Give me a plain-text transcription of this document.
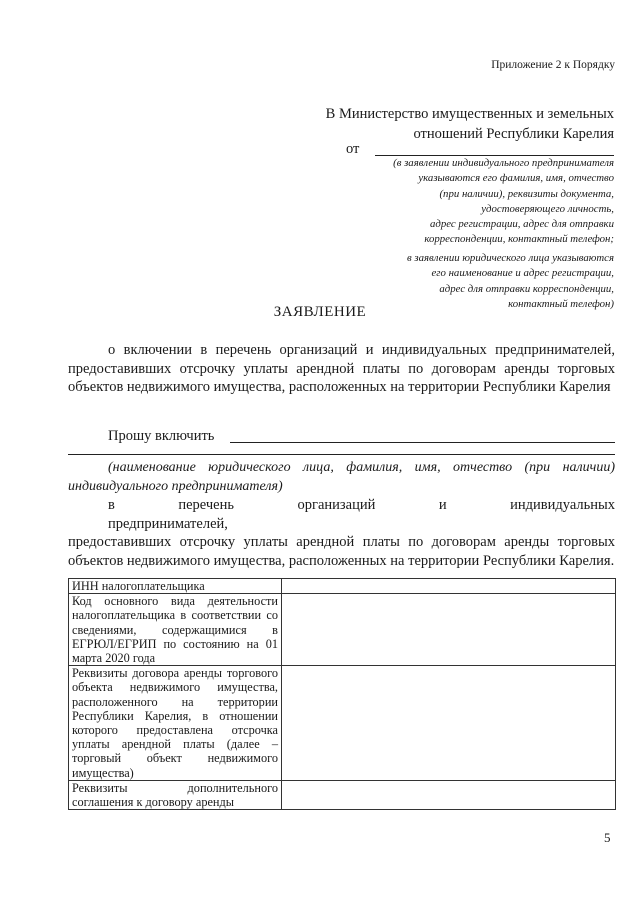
Приложение 2 к Порядку
В Министерство имущественных и земельных
отношений Республики Карелия
от
(в заявлении индивидуального предпринимателя
указываются его фамилия, имя, отчество
(при наличии), реквизиты документа,
удостоверяющего личность,
адрес регистрации, адрес для отправки
корреспонденции, контактный телефон;
в заявлении юридического лица указываются
его наименование и адрес регистрации,
адрес для отправки корреспонденции,
контактный телефон)
ЗАЯВЛЕНИЕ
о включении в перечень организаций и индивидуальных предпринимателей, предоставивших отсрочку уплаты арендной платы по договорам аренды торговых объектов недвижимого имущества, расположенных на территории Республики Карелия
Прошу включить
(наименование юридического лица, фамилия, имя, отчество (при наличии) индивидуального предпринимателя)
в перечень организаций и индивидуальных предпринимателей,
предоставивших отсрочку уплаты арендной платы по договорам аренды торговых объектов недвижимого имущества, расположенных на территории Республики Карелия.
ИНН налогоплательщика	
Код основного вида деятельности налогоплательщика в соответствии со сведениями, содержащимися в ЕГРЮЛ/ЕГРИП по состоянию на 01 марта 2020 года	
Реквизиты договора аренды торгового объекта недвижимого имущества, расположенного на территории Республики Карелия, в отношении которого предоставлена отсрочка уплаты арендной платы (далее – торговый объект недвижимого имущества)	
Реквизиты дополнительного соглашения к договору аренды	
5
